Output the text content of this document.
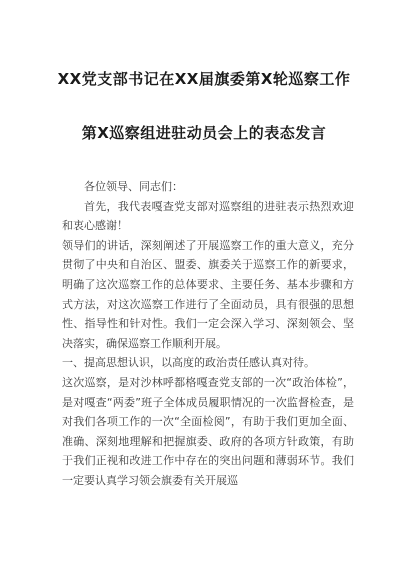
XX党支部书记在XX届旗委第X轮巡察工作
第X巡察组进驻动员会上的表态发言

各位领导、同志们：

首先，我代表嘎查党支部对巡察组的进驻表示热烈欢迎和衷心感谢！

领导们的讲话，深刻阐述了开展巡察工作的重大意义，充分贯彻了中央和自治区、盟委、旗委关于巡察工作的新要求，明确了这次巡察工作的总体要求、主要任务、基本步骤和方式方法，对这次巡察工作进行了全面动员，具有很强的思想性、指导性和针对性。我们一定会深入学习、深刻领会、坚决落实，确保巡察工作顺利开展。

一、提高思想认识，以高度的政治责任感认真对待。

这次巡察，是对沙林呼都格嘎查党支部的一次“政治体检”，是对嘎查“两委”班子全体成员履职情况的一次监督检查，是对我们各项工作的一次“全面检阅”，有助于我们更加全面、准确、深刻地理解和把握旗委、政府的各项方针政策，有助于我们正视和改进工作中存在的突出问题和薄弱环节。我们一定要认真学习领会旗委有关开展巡
